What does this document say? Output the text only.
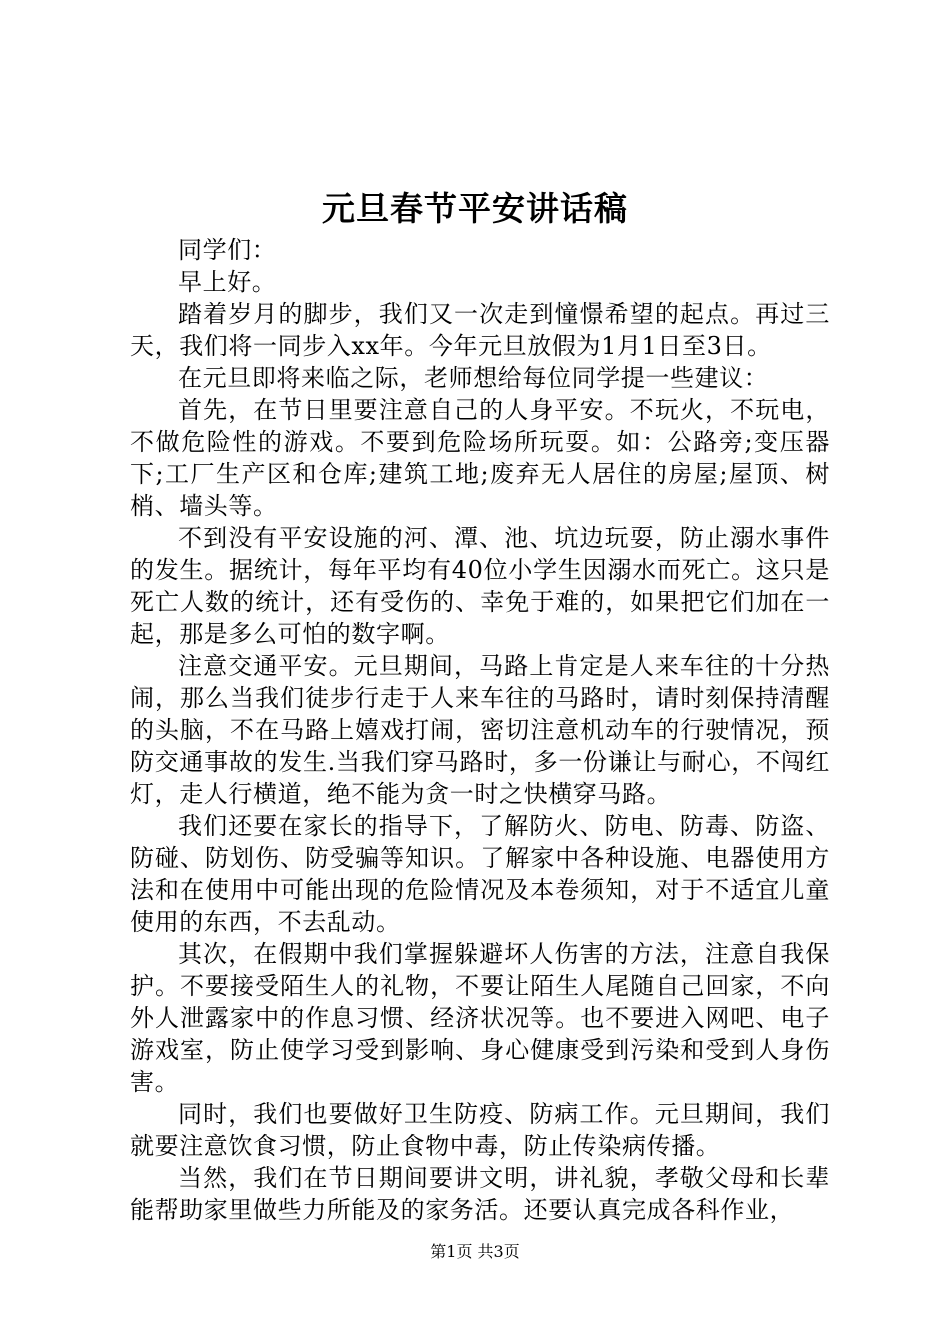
元旦春节平安讲话稿

同学们：

早上好。

踏着岁月的脚步，我们又一次走到憧憬希望的起点。再过三天，我们将一同步入xx年。今年元旦放假为1月1日至3日。

在元旦即将来临之际，老师想给每位同学提一些建议：

首先，在节日里要注意自己的人身平安。不玩火，不玩电，不做危险性的游戏。不要到危险场所玩耍。如：公路旁;变压器下;工厂生产区和仓库;建筑工地;废弃无人居住的房屋;屋顶、树梢、墙头等。

不到没有平安设施的河、潭、池、坑边玩耍，防止溺水事件的发生。据统计，每年平均有40位小学生因溺水而死亡。这只是死亡人数的统计，还有受伤的、幸免于难的，如果把它们加在一起，那是多么可怕的数字啊。

注意交通平安。元旦期间，马路上肯定是人来车往的十分热闹，那么当我们徒步行走于人来车往的马路时，请时刻保持清醒的头脑，不在马路上嬉戏打闹，密切注意机动车的行驶情况，预防交通事故的发生.当我们穿马路时，多一份谦让与耐心，不闯红灯，走人行横道，绝不能为贪一时之快横穿马路。

我们还要在家长的指导下，了解防火、防电、防毒、防盗、防碰、防划伤、防受骗等知识。了解家中各种设施、电器使用方法和在使用中可能出现的危险情况及本卷须知，对于不适宜儿童使用的东西，不去乱动。

其次，在假期中我们掌握躲避坏人伤害的方法，注意自我保护。不要接受陌生人的礼物，不要让陌生人尾随自己回家，不向外人泄露家中的作息习惯、经济状况等。也不要进入网吧、电子游戏室，防止使学习受到影响、身心健康受到污染和受到人身伤害。

同时，我们也要做好卫生防疫、防病工作。元旦期间，我们就要注意饮食习惯，防止食物中毒，防止传染病传播。

当然，我们在节日期间要讲文明，讲礼貌，孝敬父母和长辈能帮助家里做些力所能及的家务活。还要认真完成各科作业，

第1页 共3页
